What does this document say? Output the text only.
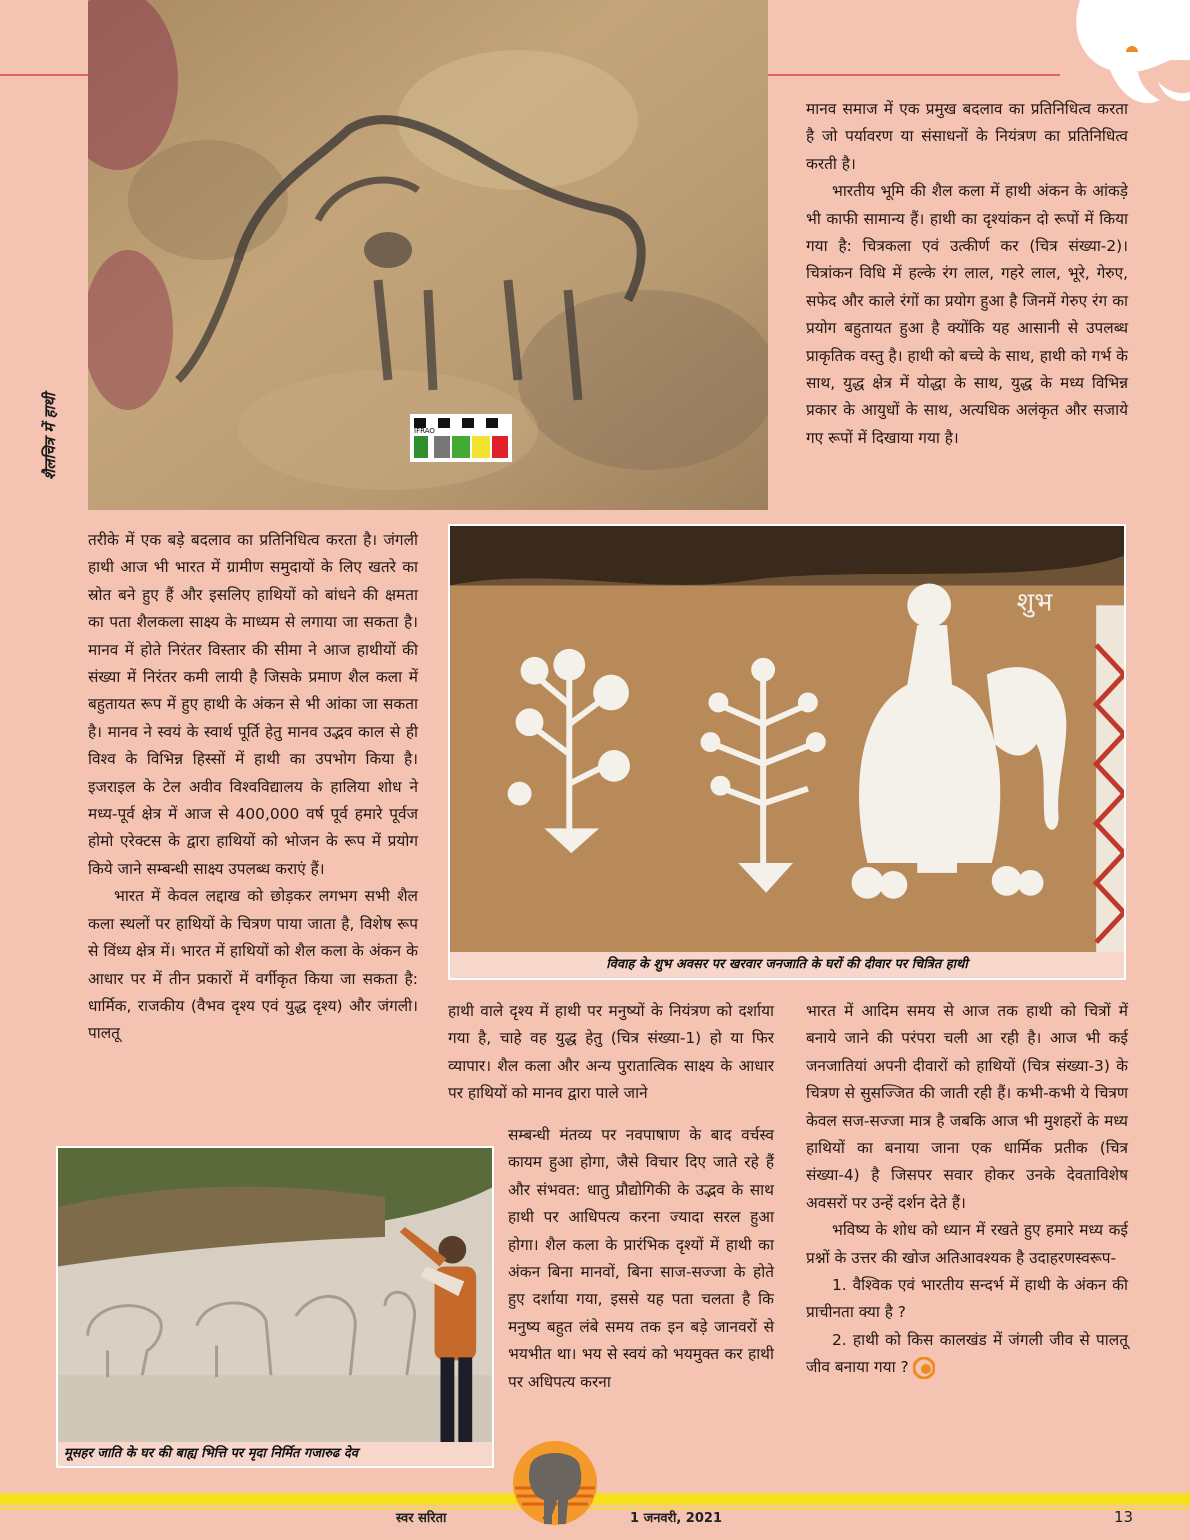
IFRAO
शैलचित्र में हाथी

मानव समाज में एक प्रमुख बदलाव का प्रतिनिधित्व करता है जो पर्यावरण या संसाधनों के नियंत्रण का प्रतिनिधित्व करती है।

भारतीय भूमि की शैल कला में हाथी अंकन के आंकड़े भी काफी सामान्य हैं। हाथी का दृश्यांकन दो रूपों में किया गया है: चित्रकला एवं उत्कीर्ण कर (चित्र संख्या-2)। चित्रांकन विधि में हल्के रंग लाल, गहरे लाल, भूरे, गेरुए, सफेद और काले रंगों का प्रयोग हुआ है जिनमें गेरुए रंग का प्रयोग बहुतायत हुआ है क्योंकि यह आसानी से उपलब्ध प्राकृतिक वस्तु है। हाथी को बच्चे के साथ, हाथी को गर्भ के साथ, युद्ध क्षेत्र में योद्धा के साथ, युद्ध के मध्य विभिन्न प्रकार के आयुधों के साथ, अत्यधिक अलंकृत और सजाये गए रूपों में दिखाया गया है।

तरीके में एक बड़े बदलाव का प्रतिनिधित्व करता है। जंगली हाथी आज भी भारत में ग्रामीण समुदायों के लिए खतरे का स्रोत बने हुए हैं और इसलिए हाथियों को बांधने की क्षमता का पता शैलकला साक्ष्य के माध्यम से लगाया जा सकता है। मानव में होते निरंतर विस्तार की सीमा ने आज हाथीयों की संख्या में निरंतर कमी लायी है जिसके प्रमाण शैल कला में बहुतायत रूप में हुए हाथी के अंकन से भी आंका जा सकता है। मानव ने स्वयं के स्वार्थ पूर्ति हेतु मानव उद्भव काल से ही विश्व के विभिन्न हिस्सों में हाथी का उपभोग किया है। इजराइल के टेल अवीव विश्वविद्यालय के हालिया शोध ने मध्य-पूर्व क्षेत्र में आज से 400,000 वर्ष पूर्व हमारे पूर्वज होमो एरेक्टस के द्वारा हाथियों को भोजन के रूप में प्रयोग किये जाने सम्बन्धी साक्ष्य उपलब्ध कराएं हैं।

भारत में केवल लद्दाख को छोड़कर लगभग सभी शैल कला स्थलों पर हाथियों के चित्रण पाया जाता है, विशेष रूप से विंध्य क्षेत्र में। भारत में हाथियों को शैल कला के अंकन के आधार पर में तीन प्रकारों में वर्गीकृत किया जा सकता है: धार्मिक, राजकीय (वैभव दृश्य एवं युद्ध दृश्य) और जंगली। पालतू

शुभ
विवाह के शुभ अवसर पर खरवार जनजाति के घरों की दीवार पर चित्रित हाथी

हाथी वाले दृश्य में हाथी पर मनुष्यों के नियंत्रण को दर्शाया गया है, चाहे वह युद्ध हेतु (चित्र संख्या-1) हो या फिर व्यापार। शैल कला और अन्य पुरातात्विक साक्ष्य के आधार पर हाथियों को मानव द्वारा पाले जाने

सम्बन्धी मंतव्य पर नवपाषाण के बाद वर्चस्व कायम हुआ होगा, जैसे विचार दिए जाते रहे हैं और संभवत: धातु प्रौद्योगिकी के उद्भव के साथ हाथी पर आधिपत्य करना ज्यादा सरल हुआ होगा। शैल कला के प्रारंभिक दृश्यों में हाथी का अंकन बिना मानवों, बिना साज-सज्जा के होते हुए दर्शाया गया, इससे यह पता चलता है कि मनुष्य बहुत लंबे समय तक इन बड़े जानवरों से भयभीत था। भय से स्वयं को भयमुक्त कर हाथी पर अधिपत्य करना

मूसहर जाति के घर की बाह्य भित्ति पर मृदा निर्मित गजारुढ देव

भारत में आदिम समय से आज तक हाथी को चित्रों में बनाये जाने की परंपरा चली आ रही है। आज भी कई जनजातियां अपनी दीवारों को हाथियों (चित्र संख्या-3) के चित्रण से सुसज्जित की जाती रही हैं। कभी-कभी ये चित्रण केवल सज-सज्जा मात्र है जबकि आज भी मुशहरों के मध्य हाथियों का बनाया जाना एक धार्मिक प्रतीक (चित्र संख्या-4) है जिसपर सवार होकर उनके देवताविशेष अवसरों पर उन्हें दर्शन देते हैं।

भविष्य के शोध को ध्यान में रखते हुए हमारे मध्य कई प्रश्नों के उत्तर की खोज अतिआवश्यक है उदाहरणस्वरूप-

1. वैश्विक एवं भारतीय सन्दर्भ में हाथी के अंकन की प्राचीनता क्या है ?

2. हाथी को किस कालखंड में जंगली जीव से पालतू जीव बनाया गया ?

स्वर सरिता	1 जनवरी, 2021	13
